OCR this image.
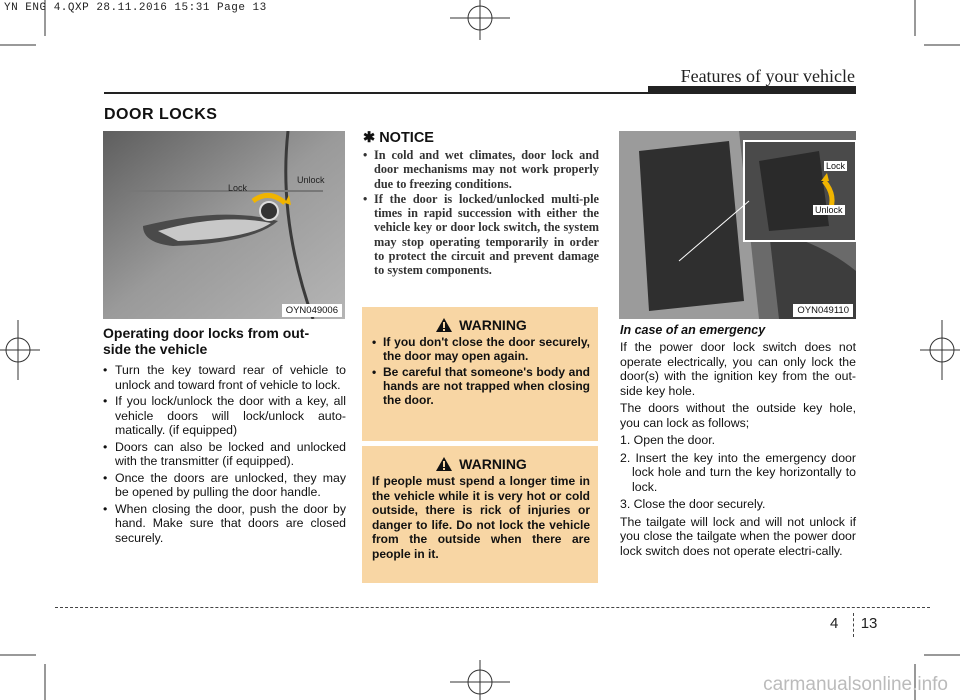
YN ENG 4.QXP 28.11.2016 15:31 Page 13
Features of your vehicle
DOOR LOCKS
Lock
Unlock
OYN049006
Operating door locks from out-
side the vehicle
• Turn the key toward rear of vehicle to unlock and toward front of vehicle to lock.
• If you lock/unlock the door with a key, all vehicle doors will lock/unlock auto-matically. (if equipped)
• Doors can also be locked and unlocked with the transmitter (if equipped).
• Once the doors are unlocked, they may be opened by pulling the door handle.
• When closing the door, push the door by hand. Make sure that doors are closed securely.
✱ NOTICE
• In cold and wet climates, door lock and door mechanisms may not work properly due to freezing conditions.
• If the door is locked/unlocked multi-ple times in rapid succession with either the vehicle key or door lock switch, the system may stop operating temporarily in order to protect the circuit and prevent damage to system components.
WARNING
• If you don't close the door securely, the door may open again.
• Be careful that someone's body and hands are not trapped when closing the door.
WARNING

If people must spend a longer time in the vehicle while it is very hot or cold outside, there is rick of injuries or danger to life. Do not lock the vehicle from the outside when there are people in it.

Lock
Unlock
OYN049110
In case of an emergency

If the power door lock switch does not operate electrically, you can only lock the door(s) with the ignition key from the out-side key hole.

The doors without the outside key hole, you can lock as follows;

1. Open the door.

2. Insert the key into the emergency door lock hole and turn the key horizontally to lock.

3. Close the door securely.

The tailgate will lock and will not unlock if you close the tailgate when the power door lock switch does not operate electri-cally.

4 13
carmanualsonline.info
